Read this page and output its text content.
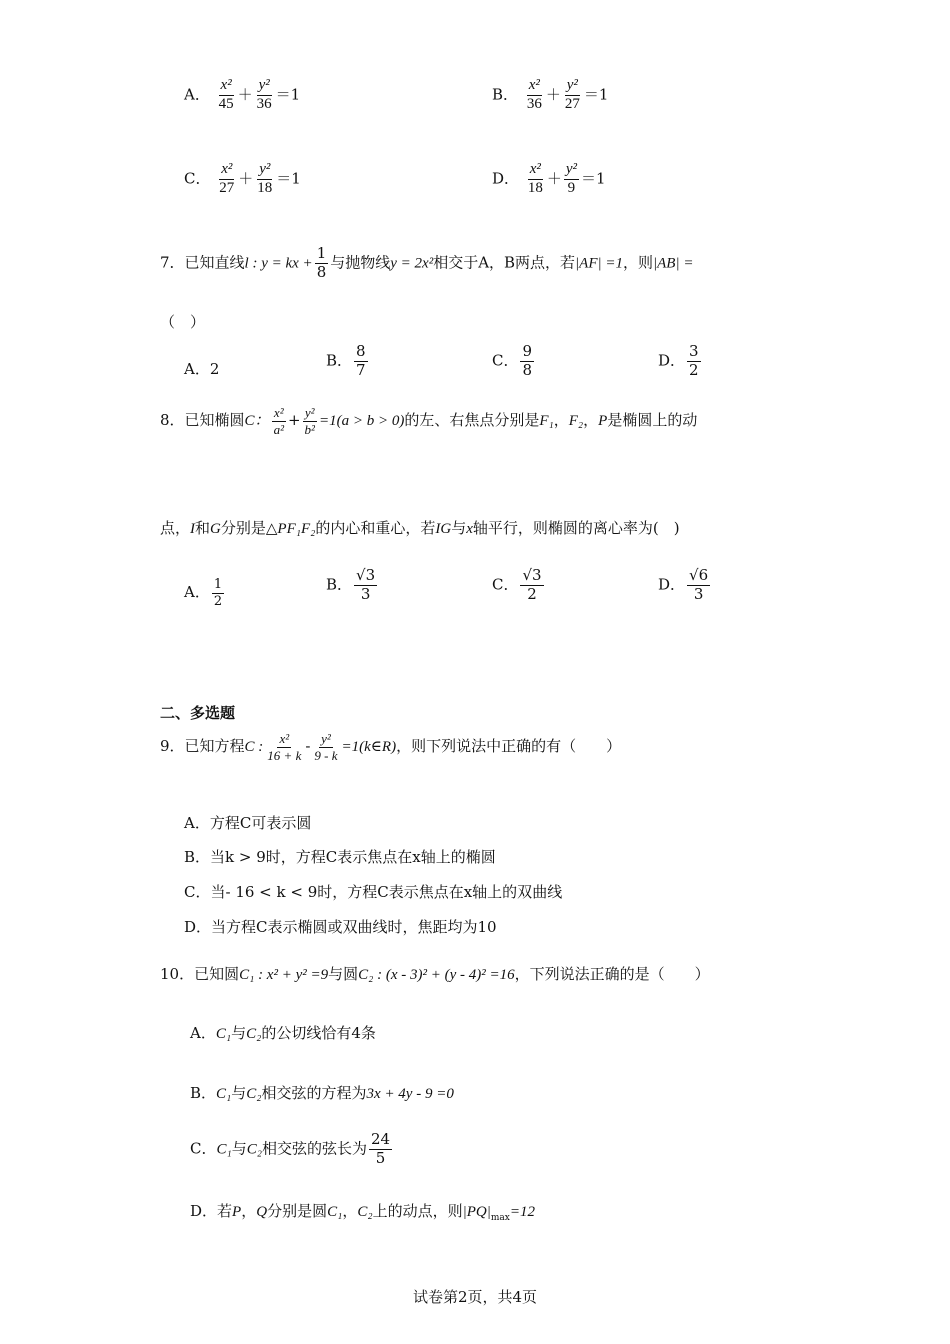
A． $\frac{\text{x²}}{45} + \frac{\text{y²}}{36} =1$	B． $\frac{\text{x²}}{36} + \frac{\text{y²}}{27} =1$
C． $\frac{\text{x²}}{27} + \frac{\text{y²}}{18} =1$	D． $\frac{\text{x²}}{18} + \frac{\text{y²}}{9} =1$
7．已知直线l : y = kx + $\frac{1}{8}$ 与抛物线y = 2x²相交于A，B两点，若|AF| =1，则|AB| =
（　）
A．2	B． $\frac{8}{7}$	C． $\frac{9}{8}$	D． $\frac{3}{2}$
8．已知椭圆C： $\frac{\text{x²}}{\text{a²}} + \frac{\text{y²}}{\text{b²}} =1(a > b > 0)$的左、右焦点分别是F₁，F₂，P是椭圆上的动
点，I和G分别是△PF₁F₂的内心和重心，若IG与x轴平行，则椭圆的离心率为(　)
A． $\frac{1}{2}$	B． $\frac{√3}{3}$	C． $\frac{√3}{2}$	D． $\frac{√6}{3}$
二、多选题
9．已知方程C : $\frac{\text{x²}}{16 + k} - \frac{\text{y²}}{9 - k}$ =1(k∈R)，则下列说法中正确的有（　　）
A．方程C可表示圆
B．当k > 9时，方程C表示焦点在x轴上的椭圆
C．当- 16 < k < 9时，方程C表示焦点在x轴上的双曲线
D．当方程C表示椭圆或双曲线时，焦距均为10
10．已知圆C₁ : x² + y² =9与圆C₂ : (x - 3)² + (y - 4)² =16，下列说法正确的是（　　）
A．C₁与C₂的公切线恰有4条
B．C₁与C₂相交弦的方程为3x + 4y - 9 =0
C．C₁与C₂相交弦的弦长为 $\frac{24}{5}$
D．若P，Q分别是圆C₁，C₂上的动点，则$|PQ|_{max}=12$
试卷第2页，共4页
